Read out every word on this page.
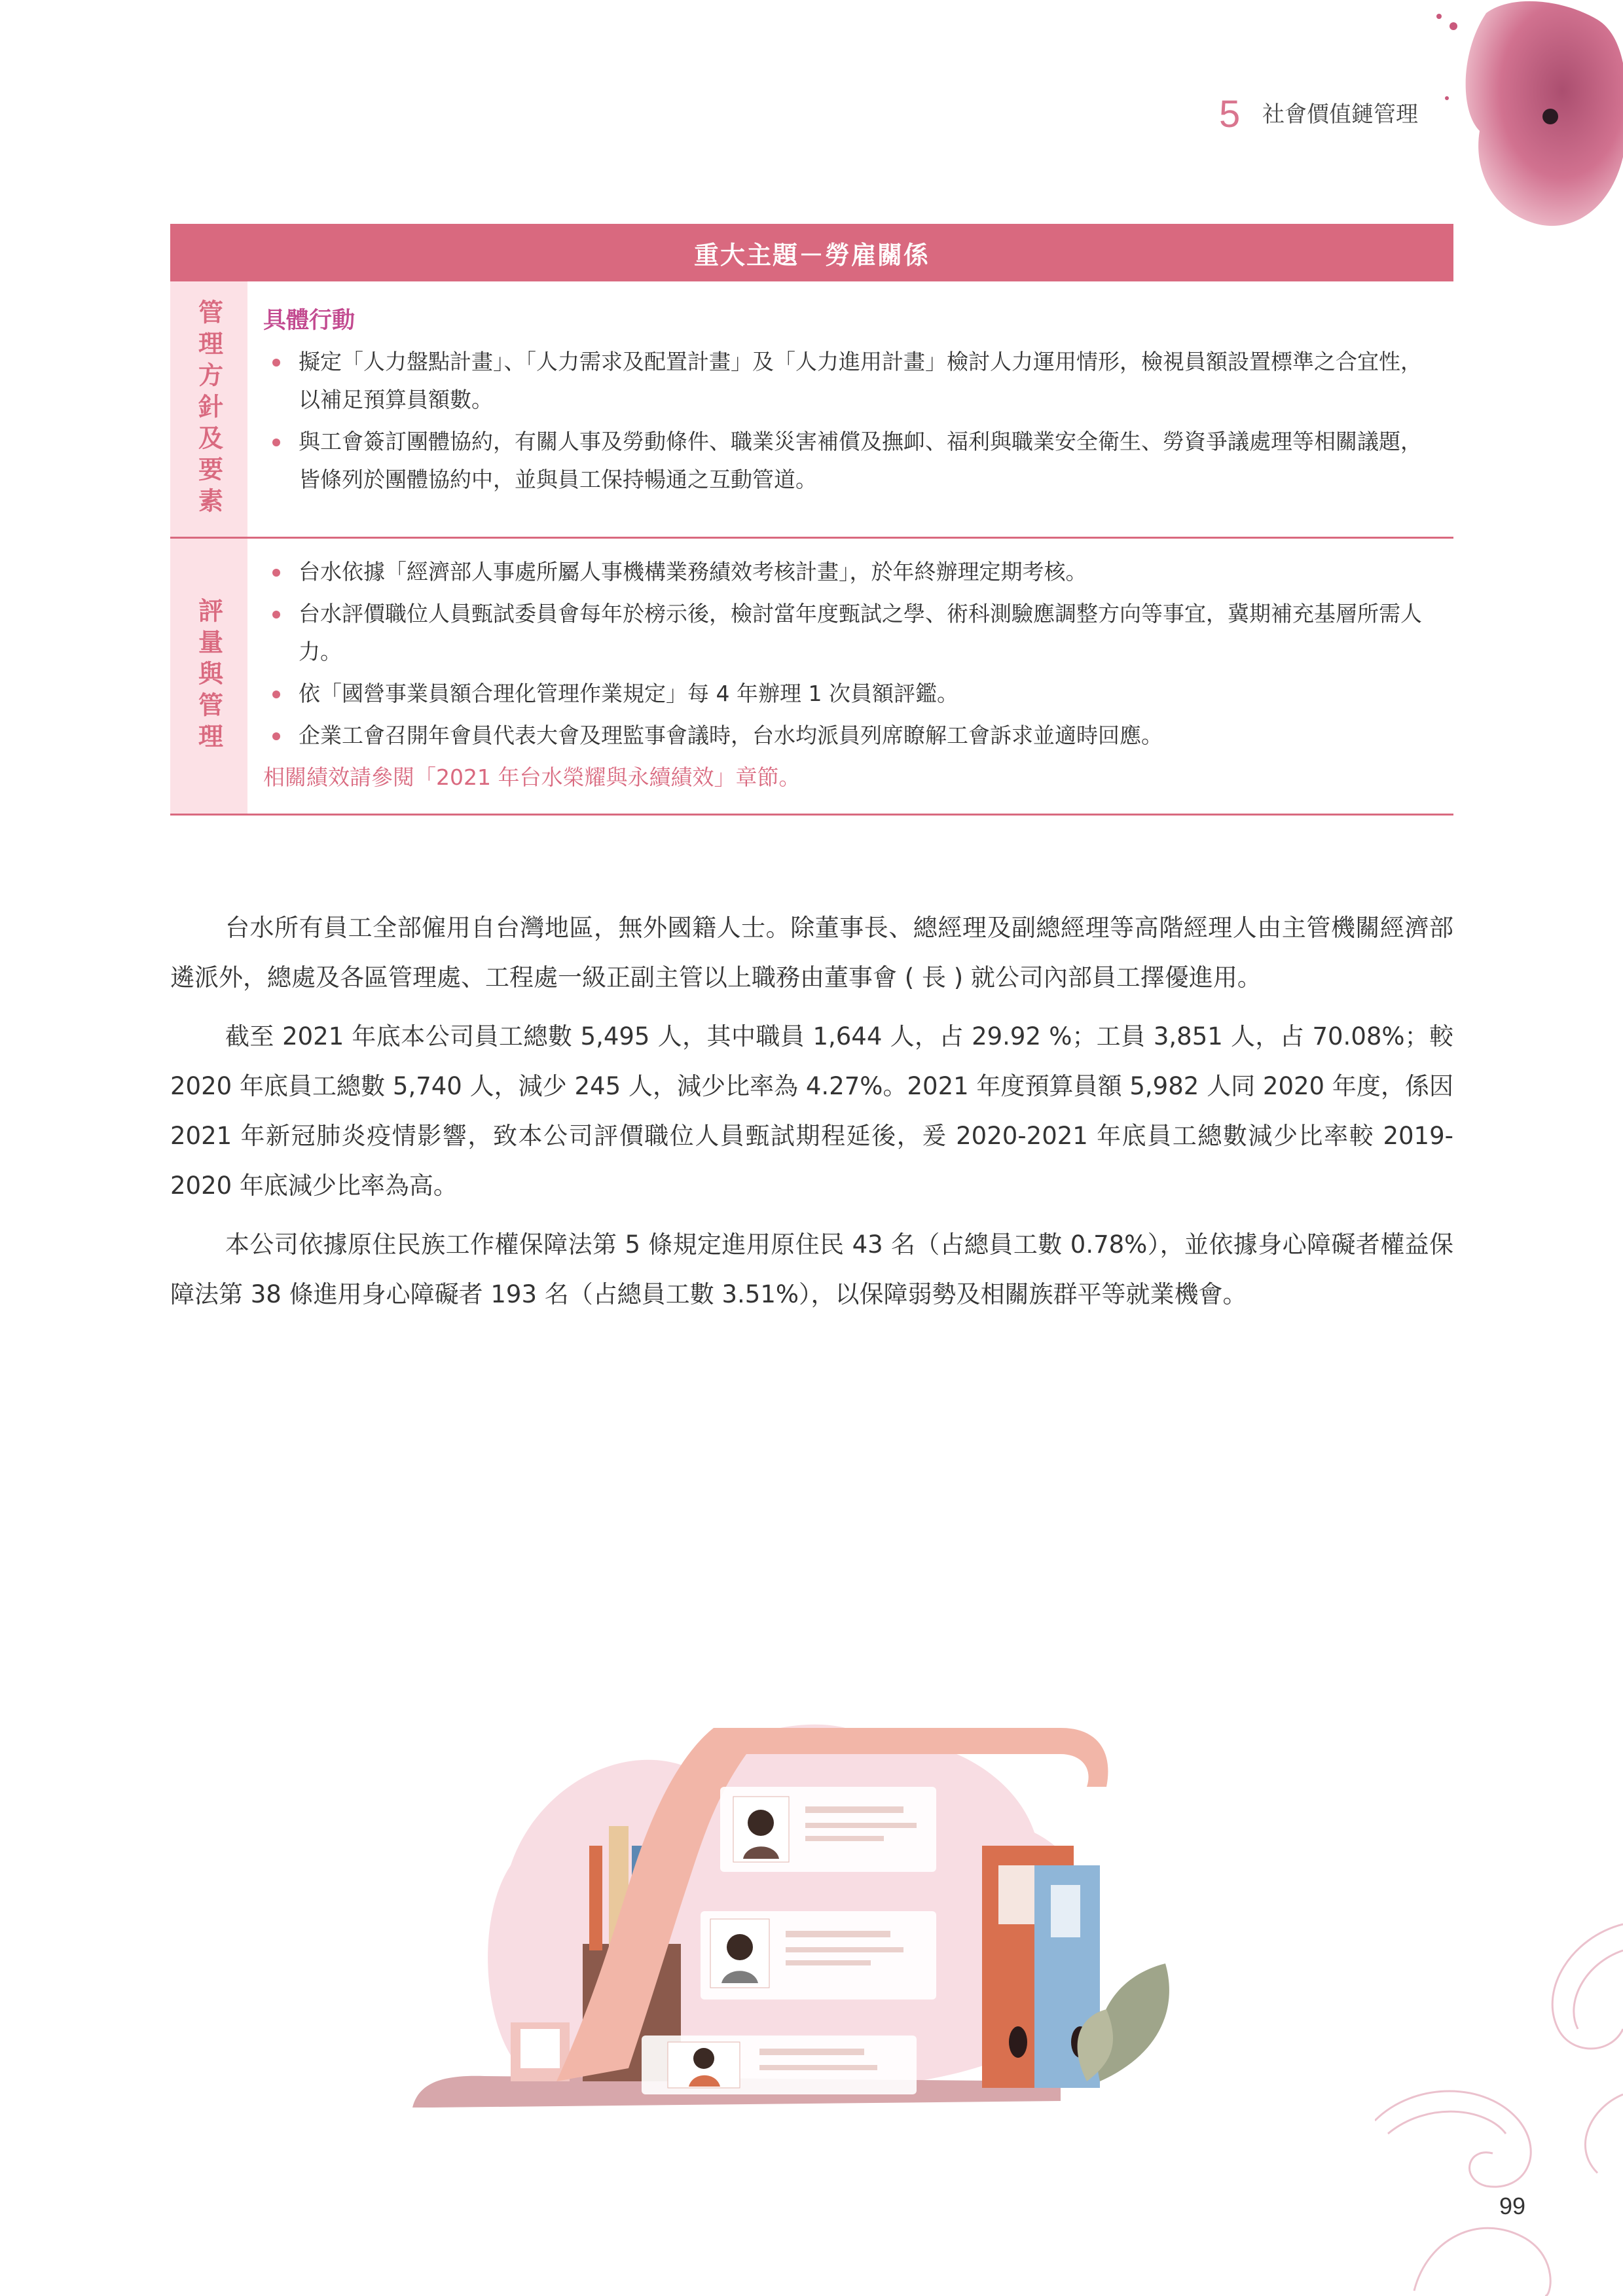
5 社會價值鏈管理
重大主題－勞雇關係
管理方針及要素 具體行動
擬定「人力盤點計畫」、「人力需求及配置計畫」及「人力進用計畫」檢討人力運用情形，檢視員額設置標準之合宜性，以補足預算員額數。
與工會簽訂團體協約，有關人事及勞動條件、職業災害補償及撫卹、福利與職業安全衛生、勞資爭議處理等相關議題，皆條列於團體協約中，並與員工保持暢通之互動管道。
評量與管理
台水依據「經濟部人事處所屬人事機構業務績效考核計畫」，於年終辦理定期考核。
台水評價職位人員甄試委員會每年於榜示後，檢討當年度甄試之學、術科測驗應調整方向等事宜，冀期補充基層所需人力。
依「國營事業員額合理化管理作業規定」每 4 年辦理 1 次員額評鑑。
企業工會召開年會員代表大會及理監事會議時，台水均派員列席瞭解工會訴求並適時回應。
相關績效請參閱「2021 年台水榮耀與永續績效」章節。

台水所有員工全部僱用自台灣地區，無外國籍人士。除董事長、總經理及副總經理等高階經理人由主管機關經濟部遴派外，總處及各區管理處、工程處一級正副主管以上職務由董事會 ( 長 ) 就公司內部員工擇優進用。

截至 2021 年底本公司員工總數 5,495 人，其中職員 1,644 人，占 29.92 %；工員 3,851 人，占 70.08%；較 2020 年底員工總數 5,740 人，減少 245 人，減少比率為 4.27%。2021 年度預算員額 5,982 人同 2020 年度，係因 2021 年新冠肺炎疫情影響，致本公司評價職位人員甄試期程延後，爰 2020-2021 年底員工總數減少比率較 2019-2020 年底減少比率為高。

本公司依據原住民族工作權保障法第 5 條規定進用原住民 43 名（占總員工數 0.78%），並依據身心障礙者權益保障法第 38 條進用身心障礙者 193 名（占總員工數 3.51%），以保障弱勢及相關族群平等就業機會。

99
